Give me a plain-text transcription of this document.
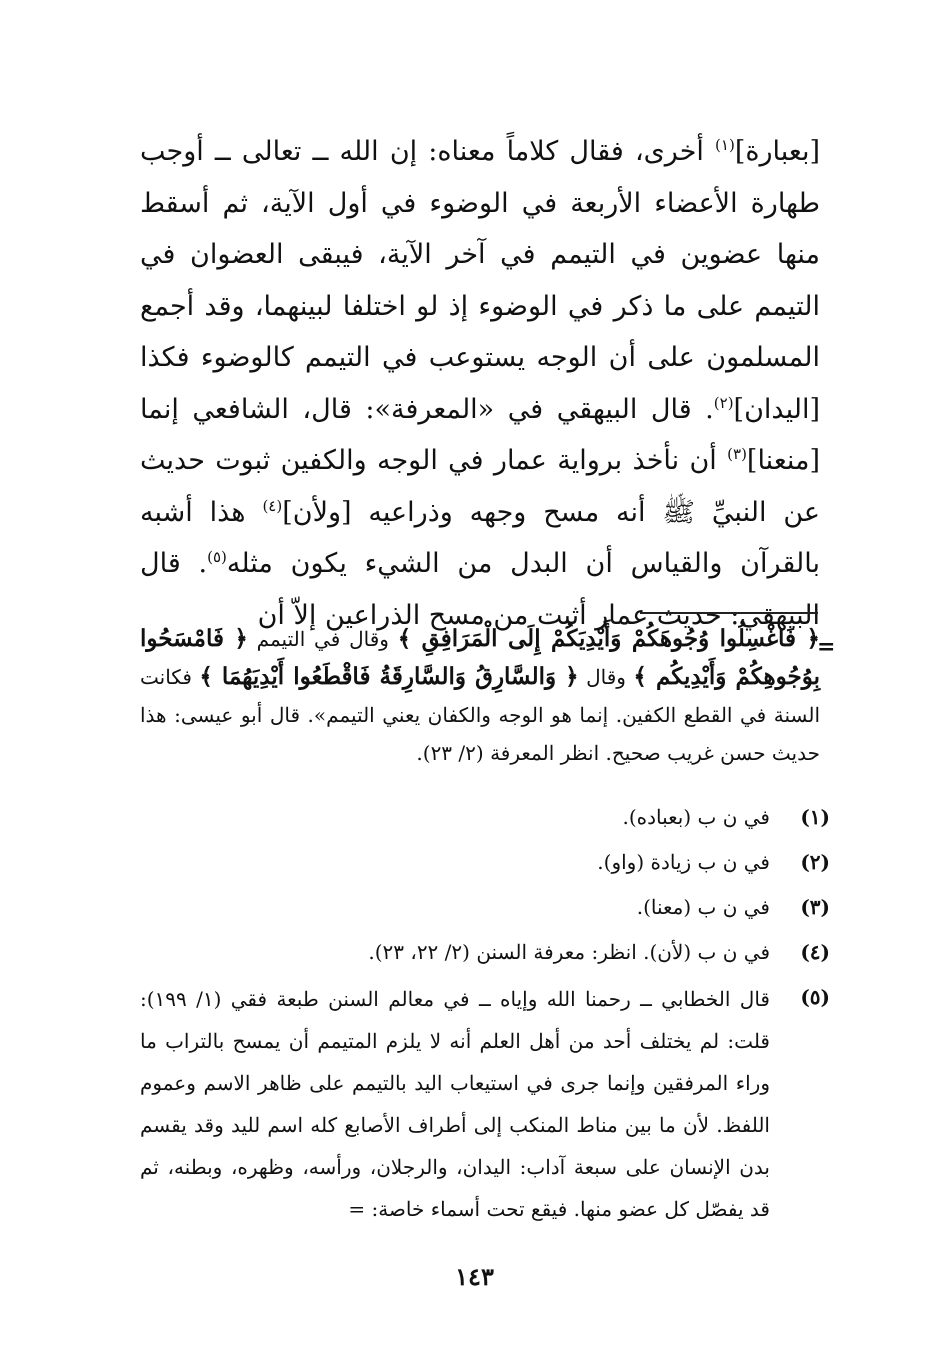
[بعبارة]$^{(١)}$ أخرى، فقال كلاماً معناه: إن الله ــ تعالى ــ أوجب طهارة الأعضاء الأربعة في الوضوء في أول الآية، ثم أسقط منها عضوين في التيمم في آخر الآية، فيبقى العضوان في التيمم على ما ذكر في الوضوء إذ لو اختلفا لبينهما، وقد أجمع المسلمون على أن الوجه يستوعب في التيمم كالوضوء فكذا [اليدان]$^{(٢)}$. قال البيهقي في «المعرفة»: قال، الشافعي إنما [منعنا]$^{(٣)}$ أن نأخذ برواية عمار في الوجه والكفين ثبوت حديث عن النبيِّ ﷺ أنه مسح وجهه وذراعيه [ولأن]$^{(٤)}$ هذا أشبه بالقرآن والقياس أن البدل من الشيء يكون مثله$^{(٥)}$. قال البيهقي: حديث عمار أثبت من مسح الذراعين إلاّ أن
=
﴿ فَاغْسِلُوا وُجُوهَكُمْ وَأَيْدِيَكُمْ إِلَى الْمَرَافِقِ ﴾ وقال في التيمم ﴿ فَامْسَحُوا بِوُجُوهِكُمْ وَأَيْدِيكُم ﴾ وقال ﴿ وَالسَّارِقُ وَالسَّارِقَةُ فَاقْطَعُوا أَيْدِيَهُمَا ﴾ فكانت السنة في القطع الكفين. إنما هو الوجه والكفان يعني التيمم». قال أبو عيسى: هذا حديث حسن غريب صحيح. انظر المعرفة (٢/ ٢٣).
(١)
في ن ب (بعباده).
(٢)
في ن ب زيادة (واو).
(٣)
في ن ب (معنا).
(٤)
في ن ب (لأن). انظر: معرفة السنن (٢/ ٢٢، ٢٣).
(٥)
قال الخطابي ــ رحمنا الله وإياه ــ في معالم السنن طبعة فقي (١/ ١٩٩): قلت: لم يختلف أحد من أهل العلم أنه لا يلزم المتيمم أن يمسح بالتراب ما وراء المرفقين وإنما جرى في استيعاب اليد بالتيمم على ظاهر الاسم وعموم اللفظ. لأن ما بين مناط المنكب إلى أطراف الأصابع كله اسم لليد وقد يقسم بدن الإنسان على سبعة آداب: اليدان، والرجلان، ورأسه، وظهره، وبطنه، ثم قد يفصّل كل عضو منها. فيقع تحت أسماء خاصة: =
١٤٣
